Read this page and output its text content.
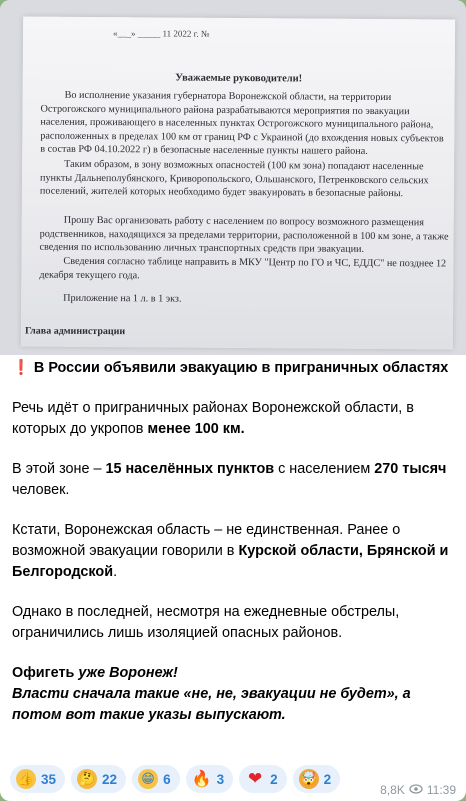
«___» _____ 11 2022 г. №
Уважаемые руководители!
Во исполнение указания губернатора Воронежской области, на территории Острогожского муниципального района разрабатываются мероприятия по эвакуации населения, проживающего в населенных пунктах Острогожского муниципального района, расположенных в пределах 100 км от границ РФ с Украиной (до вхождения новых субъектов в состав РФ 04.10.2022 г) в безопасные населенные пункты нашего района.
Таким образом, в зону возможных опасностей (100 км зона) попадают населенные пункты Дальнеполубянского, Криворопольского, Ольшанского, Петренковского сельских поселений, жителей которых необходимо будет эвакуировать в безопасные районы.
Прошу Вас организовать работу с населением по вопросу возможного размещения родственников, находящихся за пределами территории, расположенной в 100 км зоне, а также сведения по использованию личных транспортных средств при эвакуации.
Сведения согласно таблице направить в МКУ "Центр по ГО и ЧС, ЕДДС" не позднее 12 декабря текущего года.
Приложение на 1 л. в 1 экз.
Глава администрации

❗ В России объявили эвакуацию в приграничных областях

Речь идёт о приграничных районах Воронежской области, в которых до укропов менее 100 км.

В этой зоне – 15 населённых пунктов с населением 270 тысяч человек.

Кстати, Воронежская область – не единственная. Ранее о возможной эвакуации говорили в Курской области, Брянской и Белгородской.

Однако в последней, несмотря на ежедневные обстрелы, ограничились лишь изоляцией опасных районов.

Офигеть уже Воронеж!
Власти сначала такие «не, не, эвакуации не будет», а потом вот такие указы выпускают.

👍 35 🤔 22 😁 6 🔥 3 ❤ 2 🤯 2
8,8K 11:39
